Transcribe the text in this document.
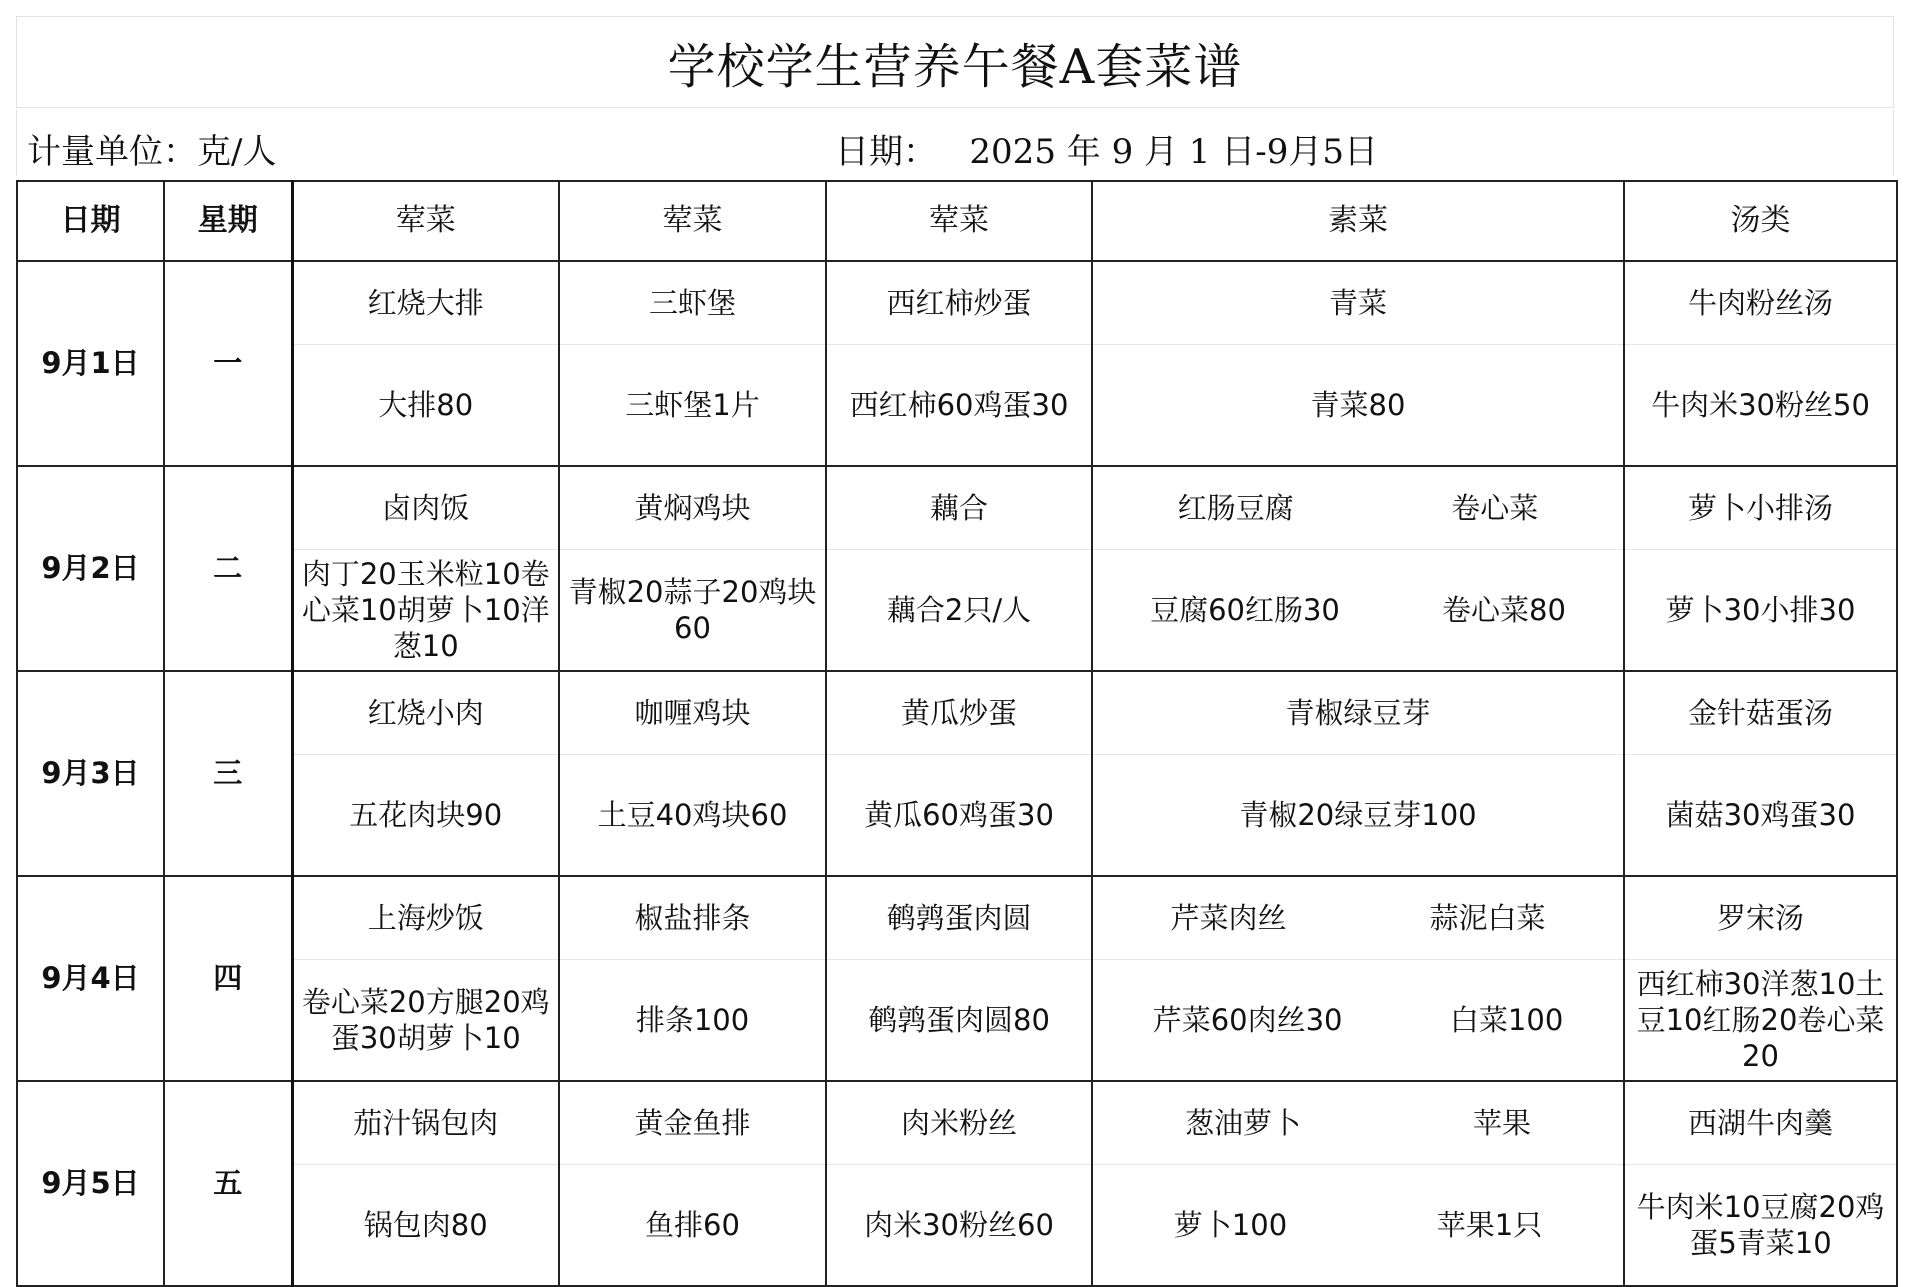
学校学生营养午餐A套菜谱
计量单位：克/人	日期：   2025 年 9 月 1 日-9月5日
日期	星期	荤菜	荤菜	荤菜	素菜	汤类
9月1日	一	红烧大排	三虾堡	西红柿炒蛋	青菜	牛肉粉丝汤
		大排80	三虾堡1片	西红柿60鸡蛋30	青菜80	牛肉米30粉丝50
9月2日	二	卤肉饭	黄焖鸡块	藕合	红肠豆腐 卷心菜	萝卜小排汤
		肉丁20玉米粒10卷心菜10胡萝卜10洋葱10	青椒20蒜子20鸡块60	藕合2只/人	豆腐60红肠30 卷心菜80	萝卜30小排30
9月3日	三	红烧小肉	咖喱鸡块	黄瓜炒蛋	青椒绿豆芽	金针菇蛋汤
		五花肉块90	土豆40鸡块60	黄瓜60鸡蛋30	青椒20绿豆芽100	菌菇30鸡蛋30
9月4日	四	上海炒饭	椒盐排条	鹌鹑蛋肉圆	芹菜肉丝 蒜泥白菜	罗宋汤
		卷心菜20方腿20鸡蛋30胡萝卜10	排条100	鹌鹑蛋肉圆80	芹菜60肉丝30 白菜100	西红柿30洋葱10土豆10红肠20卷心菜20
9月5日	五	茄汁锅包肉	黄金鱼排	肉米粉丝	葱油萝卜 苹果	西湖牛肉羹
		锅包肉80	鱼排60	肉米30粉丝60	萝卜100 苹果1只	牛肉米10豆腐20鸡蛋5青菜10
